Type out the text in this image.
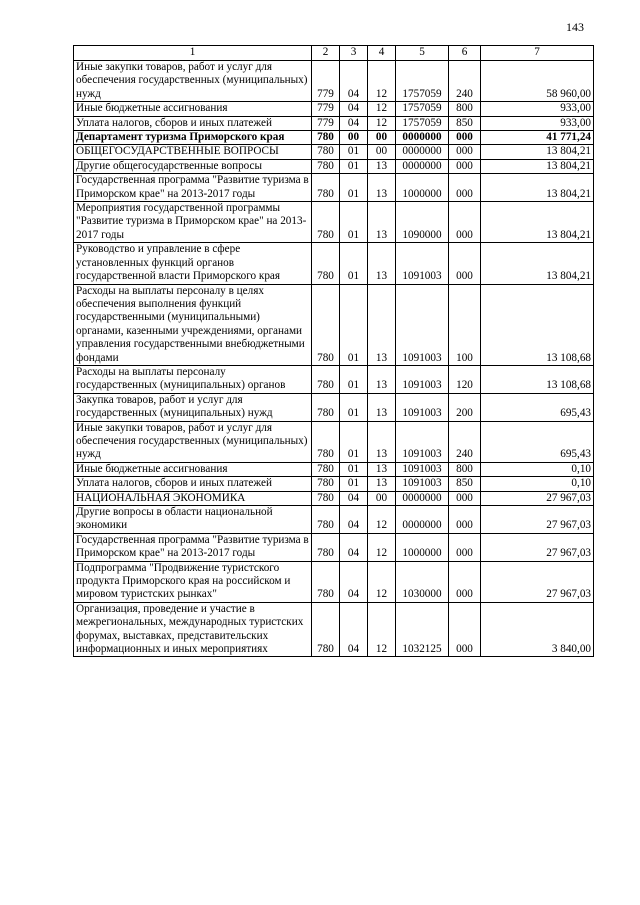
143
1	2	3	4	5	6	7
Иные закупки товаров, работ и услуг для обеспечения государственных (муниципальных) нужд	779	04	12	1757059	240	58 960,00
Иные бюджетные ассигнования	779	04	12	1757059	800	933,00
Уплата налогов, сборов и иных платежей	779	04	12	1757059	850	933,00
Департамент туризма Приморского края	780	00	00	0000000	000	41 771,24
ОБЩЕГОСУДАРСТВЕННЫЕ ВОПРОСЫ	780	01	00	0000000	000	13 804,21
Другие общегосударственные вопросы	780	01	13	0000000	000	13 804,21
Государственная программа "Развитие туризма в Приморском крае" на 2013-2017 годы	780	01	13	1000000	000	13 804,21
Мероприятия государственной программы "Развитие туризма в Приморском крае" на 2013-2017 годы	780	01	13	1090000	000	13 804,21
Руководство и управление в сфере установленных функций органов государственной власти Приморского края	780	01	13	1091003	000	13 804,21
Расходы на выплаты персоналу в целях обеспечения выполнения функций государственными (муниципальными) органами, казенными учреждениями, органами управления государственными внебюджетными фондами	780	01	13	1091003	100	13 108,68
Расходы на выплаты персоналу государственных (муниципальных) органов	780	01	13	1091003	120	13 108,68
Закупка товаров, работ и услуг для государственных (муниципальных) нужд	780	01	13	1091003	200	695,43
Иные закупки товаров, работ и услуг для обеспечения государственных (муниципальных) нужд	780	01	13	1091003	240	695,43
Иные бюджетные ассигнования	780	01	13	1091003	800	0,10
Уплата налогов, сборов и иных платежей	780	01	13	1091003	850	0,10
НАЦИОНАЛЬНАЯ ЭКОНОМИКА	780	04	00	0000000	000	27 967,03
Другие вопросы в области национальной экономики	780	04	12	0000000	000	27 967,03
Государственная программа "Развитие туризма в Приморском крае" на 2013-2017 годы	780	04	12	1000000	000	27 967,03
Подпрограмма "Продвижение туристского продукта Приморского края на российском и мировом туристских рынках"	780	04	12	1030000	000	27 967,03
Организация, проведение и участие в межрегиональных, международных туристских форумах, выставках, представительских информационных и иных мероприятиях	780	04	12	1032125	000	3 840,00
